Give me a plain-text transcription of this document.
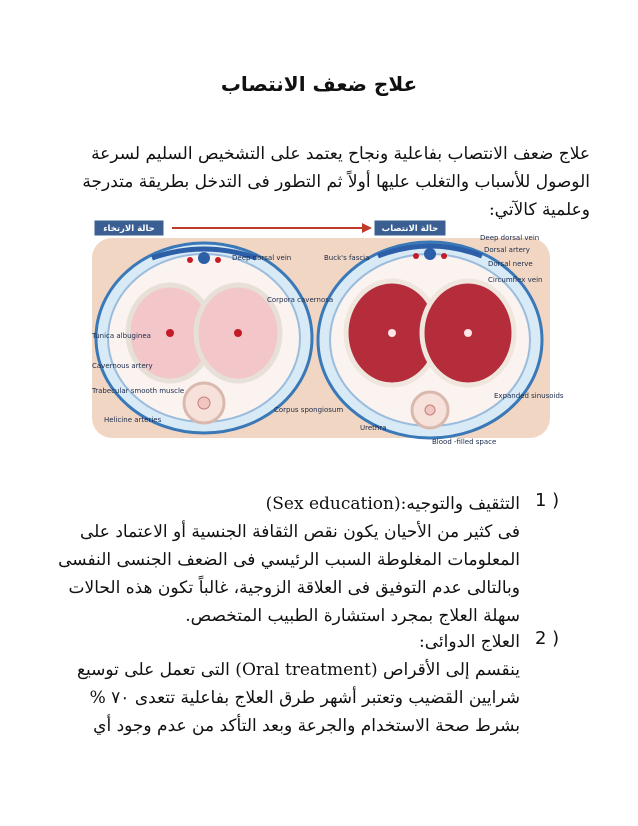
علاج ضعف الانتصاب
علاج ضعف الانتصاب بفاعلية ونجاح يعتمد على التشخيص السليم لسرعة
الوصول للأسباب والتغلب عليها أولاً ثم التطور فى التدخل بطريقة متدرجة
وعلمية كالآتي:
حالة الارتخاء	حالة الانتصاب
Deep dorsal vein
Corpora cavernosa
Tunica albuginea
Cavernous artery
Trabecular smooth muscle
Helicine arteries
Corpus spongiosum
Buck's fascia
Deep dorsal vein
Dorsal artery
Dorsal nerve
Circumflex vein
Expanded sinusoids
Urethra
Blood -filled space
1 )
التثقيف والتوجيه:(Sex education)
فى كثير من الأحيان يكون نقص الثقافة الجنسية أو الاعتماد على
المعلومات المغلوطة السبب الرئيسي فى الضعف الجنسى النفسى
وبالتالى عدم التوفيق فى العلاقة الزوجية، غالباً تكون هذه الحالات
سهلة العلاج بمجرد استشارة الطبيب المتخصص.
2 )
العلاج الدوائى:
ينقسم إلى الأقراص (Oral treatment) التى تعمل على توسيع
شرايين القضيب وتعتبر أشهر طرق العلاج بفاعلية تتعدى ٧٠ %
بشرط صحة الاستخدام والجرعة وبعد التأكد من عدم وجود أي
